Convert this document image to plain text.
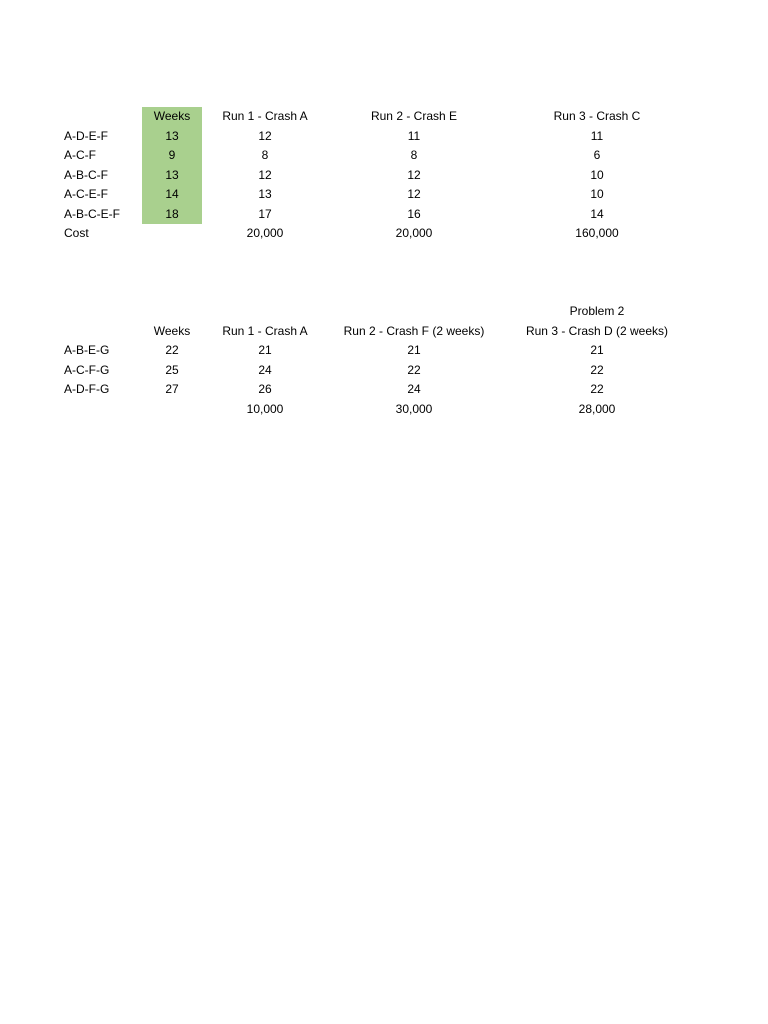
	Weeks	Run 1 - Crash A	Run 2 - Crash E	Run 3 - Crash C
A-D-E-F	13	12	11	11
A-C-F	9	8	8	6
A-B-C-F	13	12	12	10
A-C-E-F	14	13	12	10
A-B-C-E-F	18	17	16	14
Cost		20,000	20,000	160,000
				Problem 2
	Weeks	Run 1 - Crash A	Run 2 - Crash F (2 weeks)	Run 3 - Crash D (2 weeks)
A-B-E-G	22	21	21	21
A-C-F-G	25	24	22	22
A-D-F-G	27	26	24	22
		10,000	30,000	28,000
